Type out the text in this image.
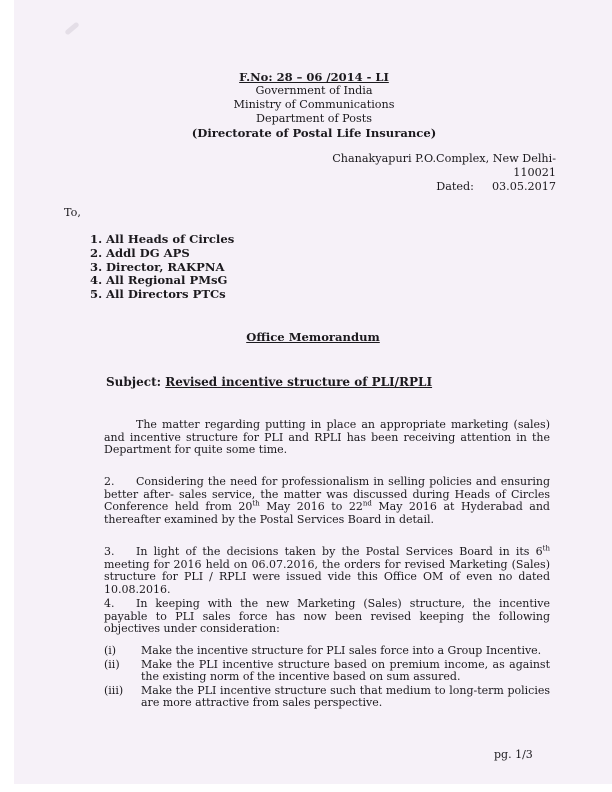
F.No: 28 – 06 /2014 - LI
Government of India
Ministry of Communications
Department of Posts
(Directorate of Postal Life Insurance)
Chanakyapuri P.O.Complex, New Delhi-110021
Dated: 03.05.2017
To,
1. All Heads of Circles
2. Addl DG APS
3. Director, RAKPNA
4. All Regional PMsG
5. All Directors PTCs
Office Memorandum
Subject: Revised incentive structure of PLI/RPLI
The matter regarding putting in place an appropriate marketing (sales) and incentive structure for PLI and RPLI has been receiving attention in the Department for quite some time.
2. Considering the need for professionalism in selling policies and ensuring better after- sales service, the matter was discussed during Heads of Circles Conference held from 20th May 2016 to 22nd May 2016 at Hyderabad and thereafter examined by the Postal Services Board in detail.
3. In light of the decisions taken by the Postal Services Board in its 6th meeting for 2016 held on 06.07.2016, the orders for revised Marketing (Sales) structure for PLI / RPLI were issued vide this Office OM of even no dated 10.08.2016.
4. In keeping with the new Marketing (Sales) structure, the incentive payable to PLI sales force has now been revised keeping the following objectives under consideration:
(i)	Make the incentive structure for PLI sales force into a Group Incentive.
(ii)	Make the PLI incentive structure based on premium income, as against the existing norm of the incentive based on sum assured.
(iii)	Make the PLI incentive structure such that medium to long-term policies are more attractive from sales perspective.
pg. 1/3
